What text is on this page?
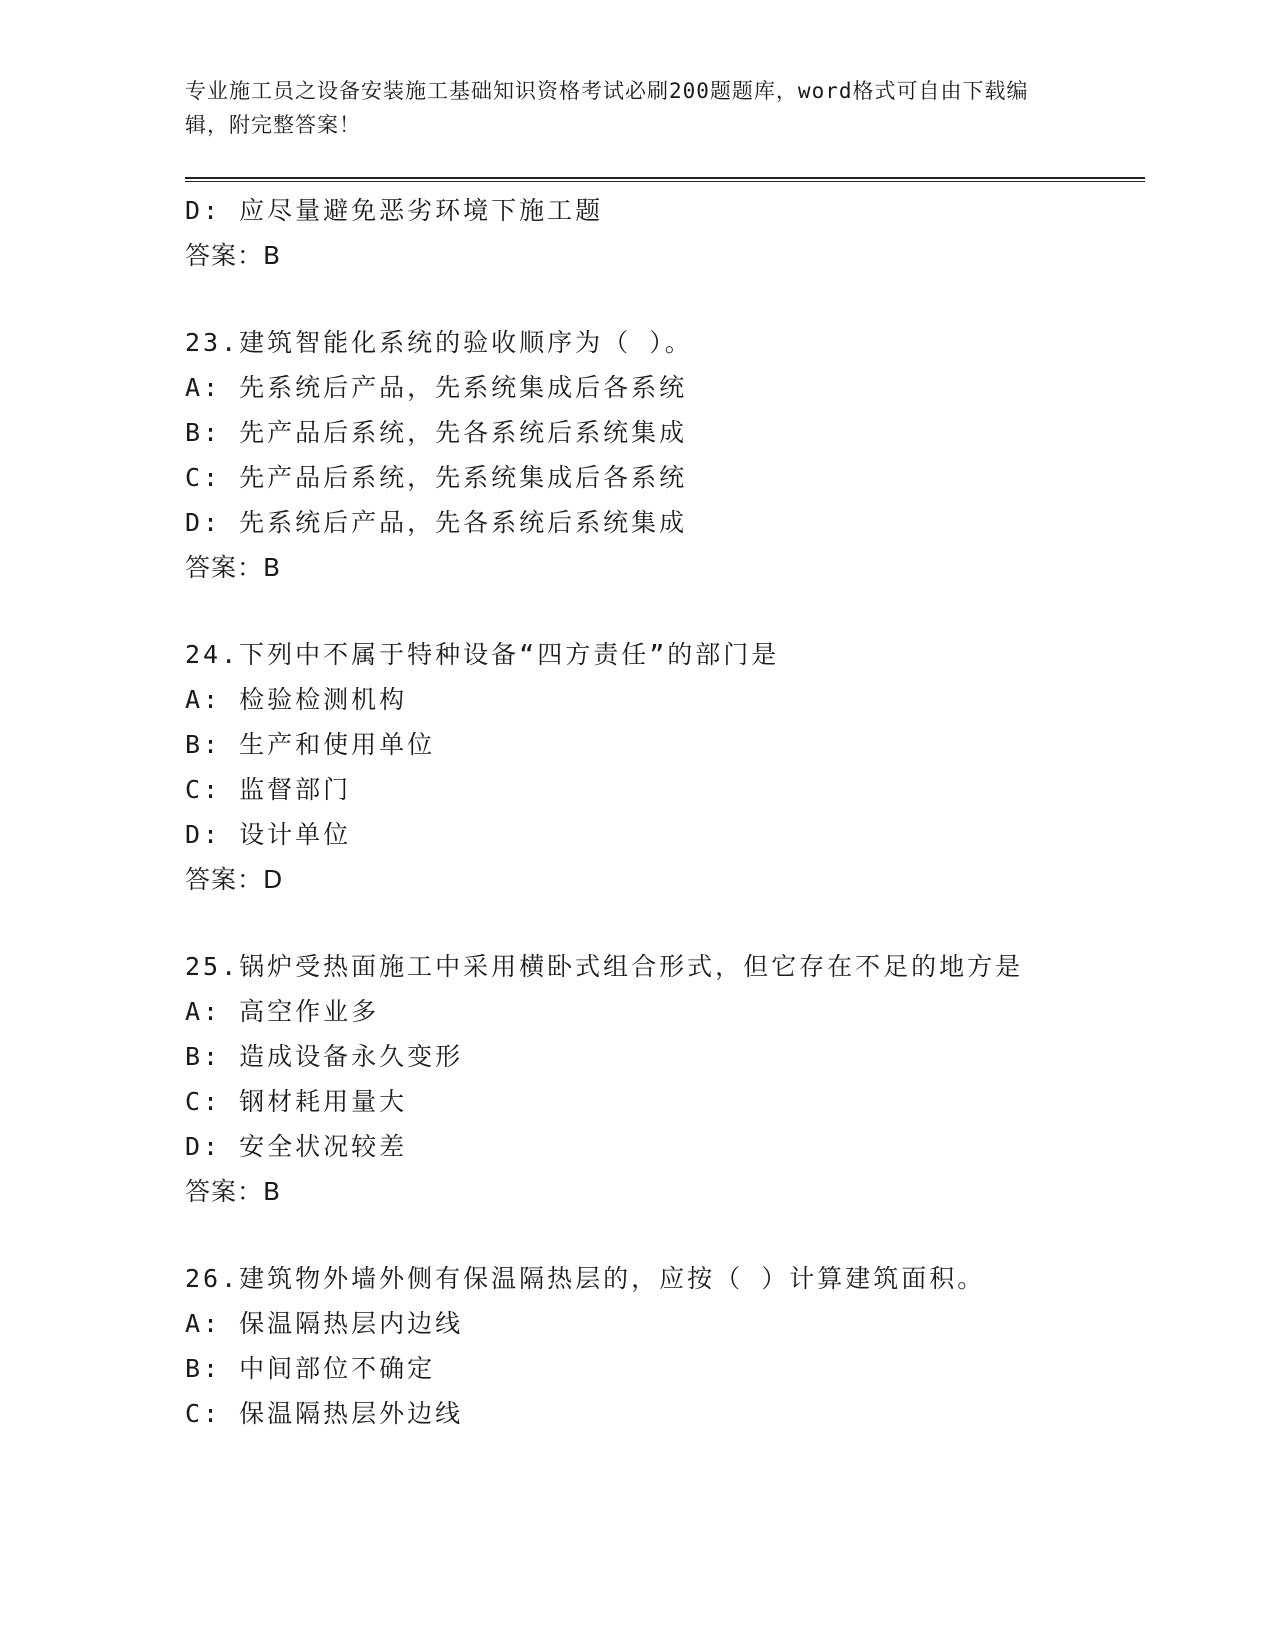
专业施工员之设备安装施工基础知识资格考试必刷200题题库，word格式可自由下载编辑，附完整答案！
D: 应尽量避免恶劣环境下施工题
答案：B
23.建筑智能化系统的验收顺序为（ ）。
A: 先系统后产品，先系统集成后各系统
B: 先产品后系统，先各系统后系统集成
C: 先产品后系统，先系统集成后各系统
D: 先系统后产品，先各系统后系统集成
答案：B
24.下列中不属于特种设备“四方责任”的部门是
A: 检验检测机构
B: 生产和使用单位
C: 监督部门
D: 设计单位
答案：D
25.锅炉受热面施工中采用横卧式组合形式，但它存在不足的地方是
A: 高空作业多
B: 造成设备永久变形
C: 钢材耗用量大
D: 安全状况较差
答案：B
26.建筑物外墙外侧有保温隔热层的，应按（ ）计算建筑面积。
A: 保温隔热层内边线
B: 中间部位不确定
C: 保温隔热层外边线
